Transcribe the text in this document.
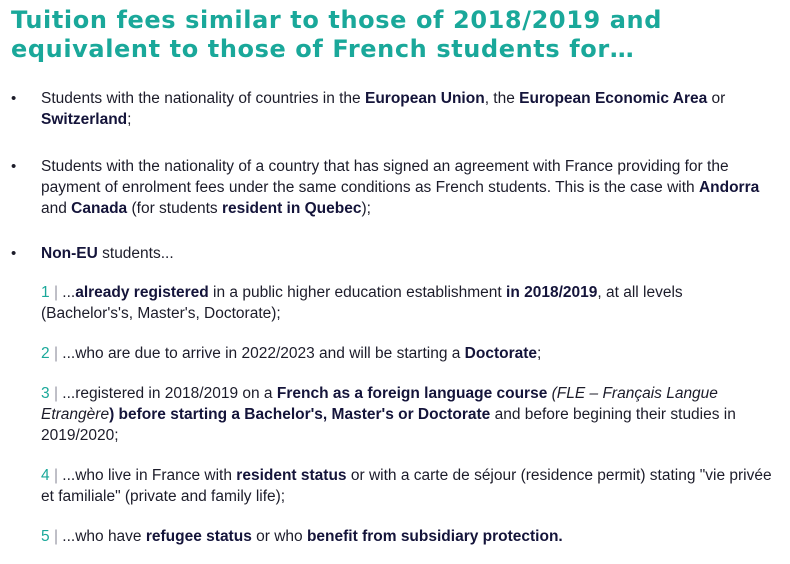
Tuition fees similar to those of 2018/2019 and equivalent to those of French students for…
• Students with the nationality of countries in the European Union, the European Economic Area or Switzerland;
• Students with the nationality of a country that has signed an agreement with France providing for the payment of enrolment fees under the same conditions as French students. This is the case with Andorra and Canada (for students resident in Quebec);
• Non-EU students...
1 | ...already registered in a public higher education establishment in 2018/2019, at all levels (Bachelor's's, Master's, Doctorate);
2 | ...who are due to arrive in 2022/2023 and will be starting a Doctorate;
3 | ...registered in 2018/2019 on a French as a foreign language course (FLE – Français Langue Etrangère) before starting a Bachelor's, Master's or Doctorate and before begining their studies in 2019/2020;
4 | ...who live in France with resident status or with a carte de séjour (residence permit) stating "vie privée et familiale" (private and family life);
5 | ...who have refugee status or who benefit from subsidiary protection.
